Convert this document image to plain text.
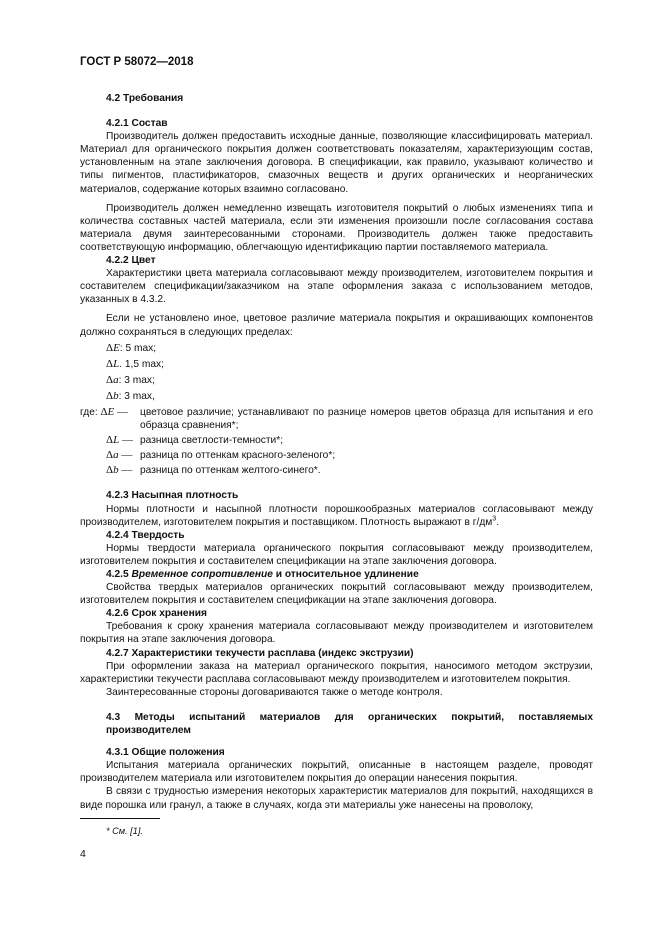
ГОСТ Р 58072—2018

4.2 Требования

4.2.1 Состав

Производитель должен предоставить исходные данные, позволяющие классифицировать материал. Материал для органического покрытия должен соответствовать показателям, характеризующим состав, установленным на этапе заключения договора. В спецификации, как правило, указывают количество и типы пигментов, пластификаторов, смазочных веществ и других органических и неорганических материалов, содержание которых взаимно согласовано.

Производитель должен немедленно извещать изготовителя покрытий о любых изменениях типа и количества составных частей материала, если эти изменения произошли после согласования состава материала двумя заинтересованными сторонами. Производитель должен также предоставить соответствующую информацию, облегчающую идентификацию партии поставляемого материала.

4.2.2 Цвет

Характеристики цвета материала согласовывают между производителем, изготовителем покрытия и составителем спецификации/заказчиком на этапе оформления заказа с использованием методов, указанных в 4.3.2.

Если не установлено иное, цветовое различие материала покрытия и окрашивающих компонентов должно сохраняться в следующих пределах:

ΔE: 5 max;
ΔL. 1,5 max;
Δa: 3 max;
Δb: 3 max,
где: ΔE —	цветовое различие; устанавливают по разнице номеров цветов образца для испытания и его образца сравнения*;
ΔL — разница светлости-темности*;
Δa — разница по оттенкам красного-зеленого*;
Δb — разница по оттенкам желтого-синего*.

4.2.3 Насыпная плотность

Нормы плотности и насыпной плотности порошкообразных материалов согласовывают между производителем, изготовителем покрытия и поставщиком. Плотность выражают в $г/дм^3$.

4.2.4 Твердость

Нормы твердости материала органического покрытия согласовывают между производителем, изготовителем покрытия и составителем спецификации на этапе заключения договора.

4.2.5 Временное сопротивление и относительное удлинение

Свойства твердых материалов органических покрытий согласовывают между производителем, изготовителем покрытия и составителем спецификации на этапе заключения договора.

4.2.6 Срок хранения

Требования к сроку хранения материала согласовывают между производителем и изготовителем покрытия на этапе заключения договора.

4.2.7 Характеристики текучести расплава (индекс экструзии)

При оформлении заказа на материал органического покрытия, наносимого методом экструзии, характеристики текучести расплава согласовывают между производителем и изготовителем покрытия.

Заинтересованные стороны договариваются также о методе контроля.

4.3 Методы испытаний материалов для органических покрытий, поставляемых производителем

4.3.1 Общие положения

Испытания материала органических покрытий, описанные в настоящем разделе, проводят производителем материала или изготовителем покрытия до операции нанесения покрытия.

В связи с трудностью измерения некоторых характеристик материалов для покрытий, находящихся в виде порошка или гранул, а также в случаях, когда эти материалы уже нанесены на проволоку,

* См. [1].
4
